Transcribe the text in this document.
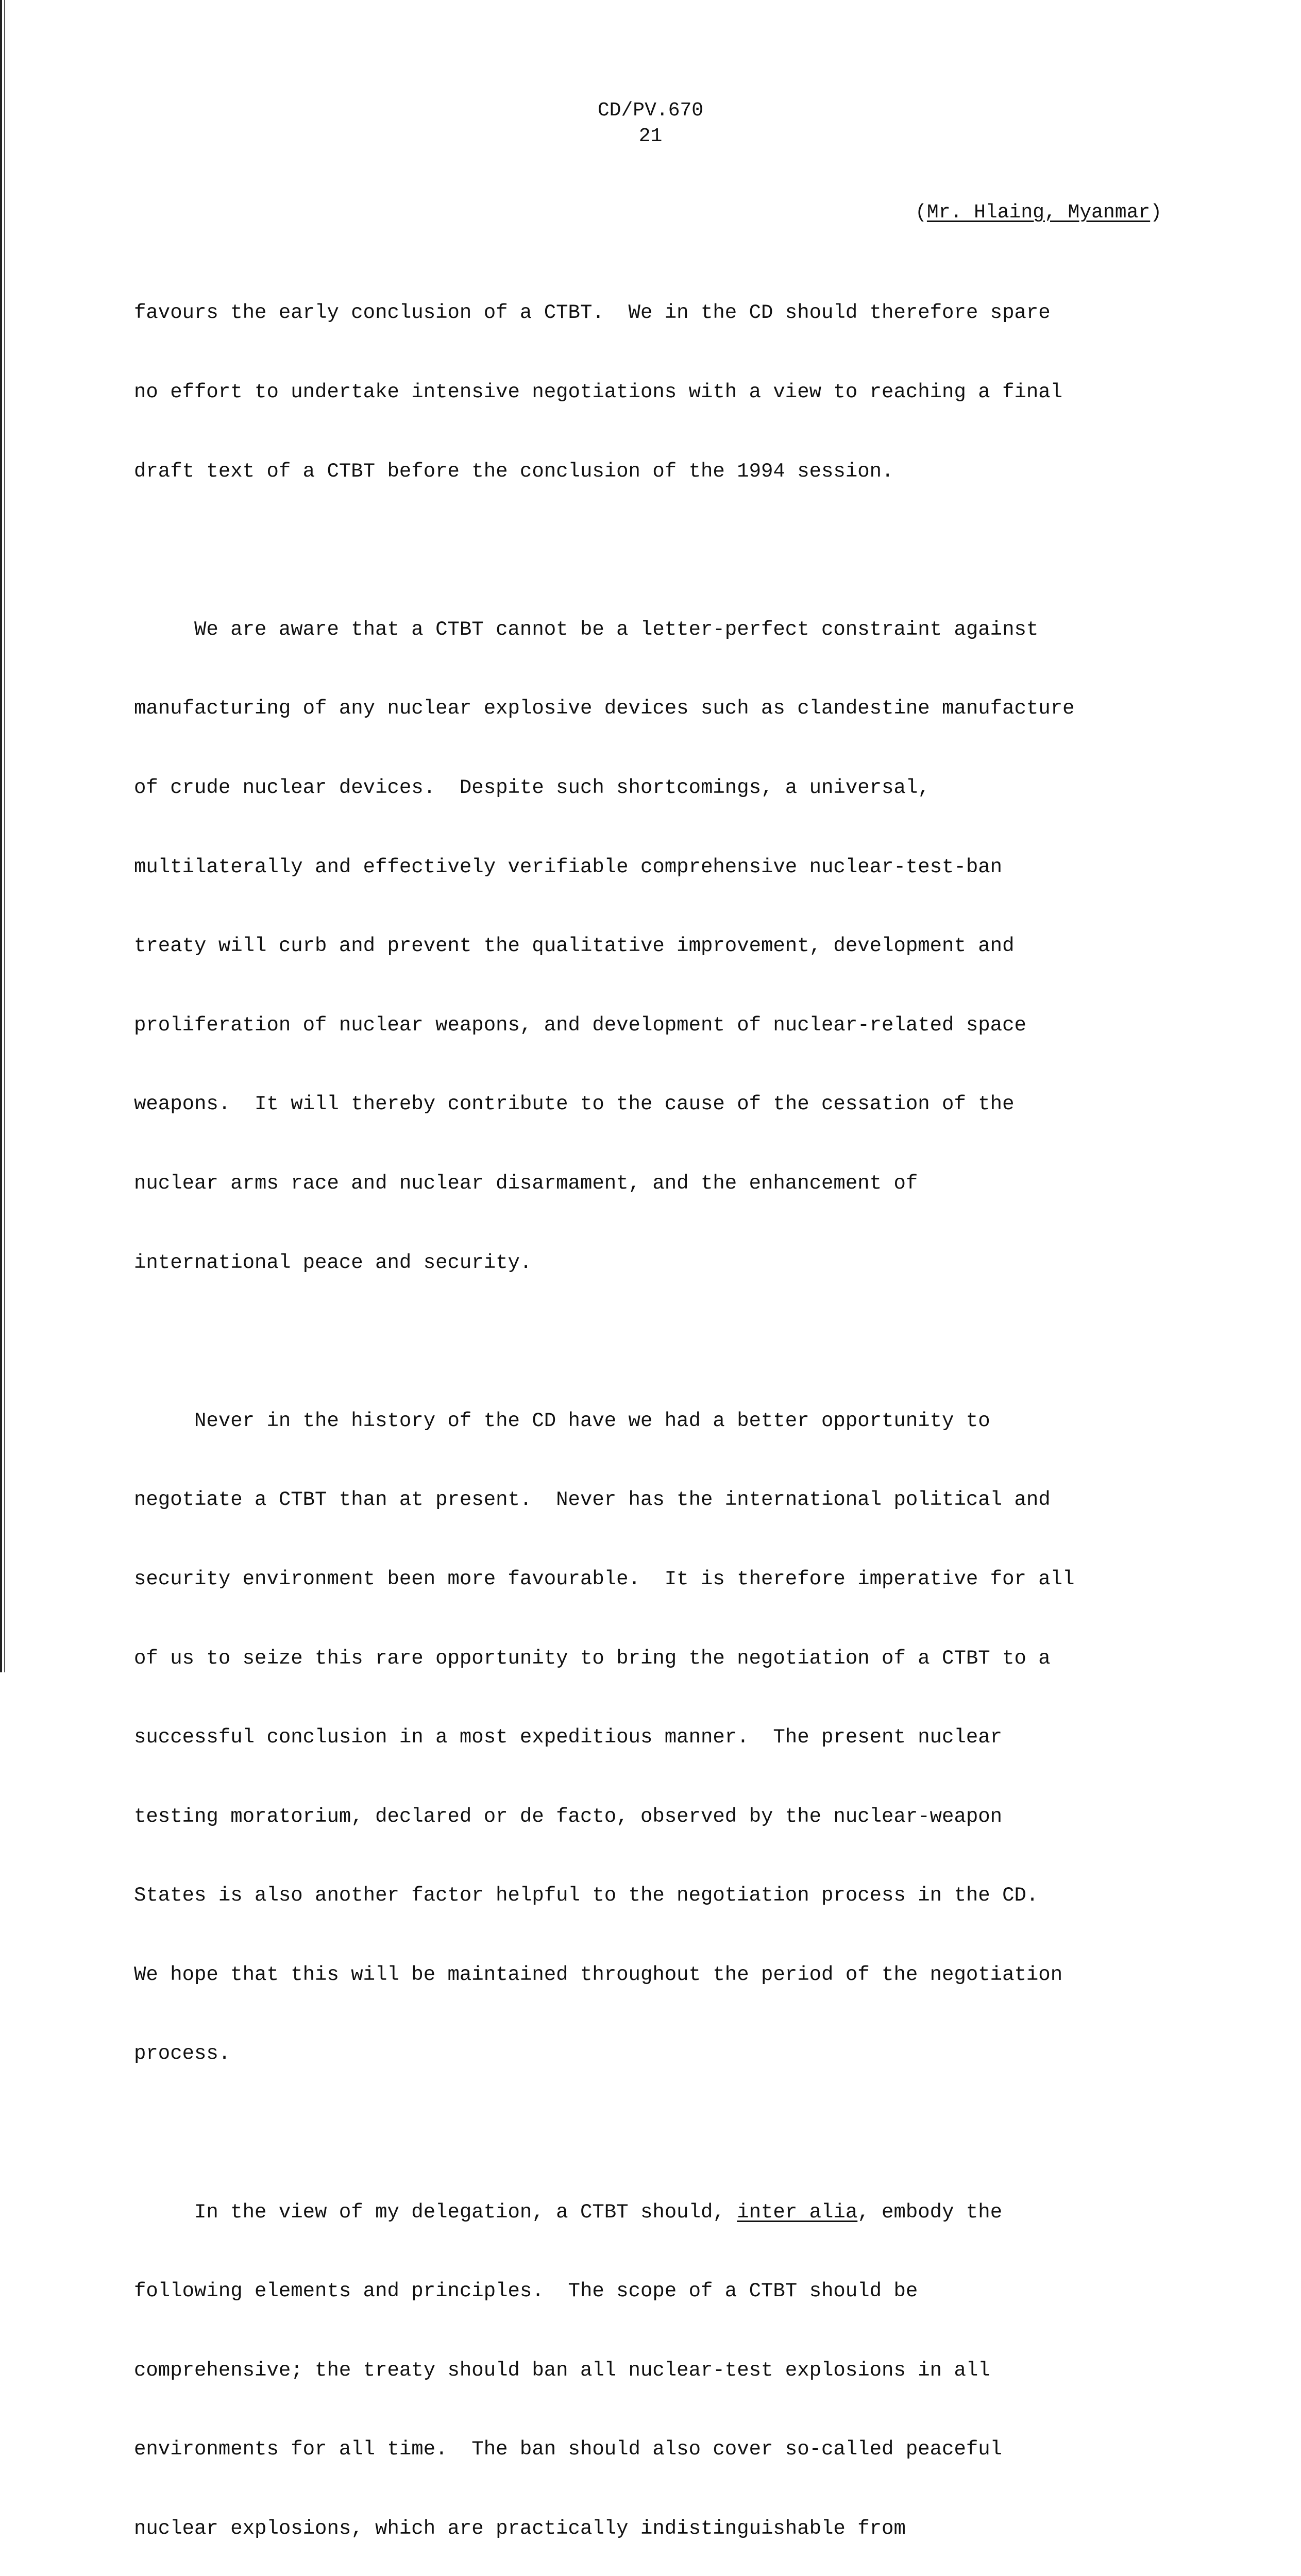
CD/PV.670
21
(Mr. Hlaing, Myanmar)

favours the early conclusion of a CTBT.  We in the CD should therefore spare

no effort to undertake intensive negotiations with a view to reaching a final

draft text of a CTBT before the conclusion of the 1994 session.

We are aware that a CTBT cannot be a letter-perfect constraint against

manufacturing of any nuclear explosive devices such as clandestine manufacture

of crude nuclear devices.  Despite such shortcomings, a universal,

multilaterally and effectively verifiable comprehensive nuclear-test-ban

treaty will curb and prevent the qualitative improvement, development and

proliferation of nuclear weapons, and development of nuclear-related space

weapons.  It will thereby contribute to the cause of the cessation of the

nuclear arms race and nuclear disarmament, and the enhancement of

international peace and security.

Never in the history of the CD have we had a better opportunity to

negotiate a CTBT than at present.  Never has the international political and

security environment been more favourable.  It is therefore imperative for all

of us to seize this rare opportunity to bring the negotiation of a CTBT to a

successful conclusion in a most expeditious manner.  The present nuclear

testing moratorium, declared or de facto, observed by the nuclear-weapon

States is also another factor helpful to the negotiation process in the CD.

We hope that this will be maintained throughout the period of the negotiation

process.

In the view of my delegation, a CTBT should, inter alia, embody the

following elements and principles.  The scope of a CTBT should be

comprehensive; the treaty should ban all nuclear-test explosions in all

environments for all time.  The ban should also cover so-called peaceful

nuclear explosions, which are practically indistinguishable from
